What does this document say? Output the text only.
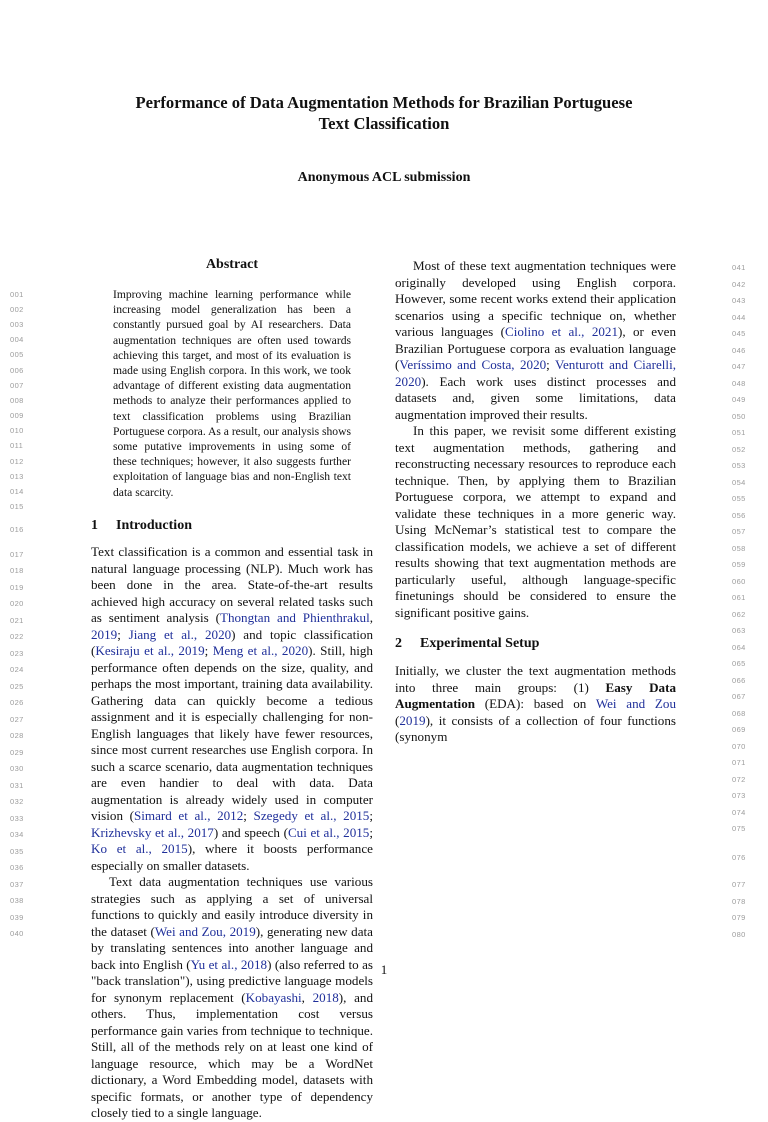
Performance of Data Augmentation Methods for Brazilian Portuguese
Text Classification
Anonymous ACL submission
001
002
003
004
005
006
007
008
009
010
011
012
013
014
015
016
017
018
019
020
021
022
023
024
025
026
027
028
029
030
031
032
033
034
035
036
037
038
039
040
041
042
043
044
045
046
047
048
049
050
051
052
053
054
055
056
057
058
059
060
061
062
063
064
065
066
067
068
069
070
071
072
073
074
075
076
077
078
079
080
Abstract
Improving machine learning performance while increasing model generalization has been a constantly pursued goal by AI researchers. Data augmentation techniques are often used towards achieving this target, and most of its evaluation is made using English corpora. In this work, we took advantage of different existing data augmentation methods to analyze their performances applied to text classification problems using Brazilian Portuguese corpora. As a result, our analysis shows some putative improvements in using some of these techniques; however, it also suggests further exploitation of language bias and non-English text data scarcity.
1 Introduction

Text classification is a common and essential task in natural language processing (NLP). Much work has been done in the area. State-of-the-art results achieved high accuracy on several related tasks such as sentiment analysis (Thongtan and Phienthrakul, 2019; Jiang et al., 2020) and topic classification (Kesiraju et al., 2019; Meng et al., 2020). Still, high performance often depends on the size, quality, and perhaps the most important, training data availability. Gathering data can quickly become a tedious assignment and it is especially challenging for non-English languages that likely have fewer resources, since most current researches use English corpora. In such a scarce scenario, data augmentation techniques are even handier to deal with data. Data augmentation is already widely used in computer vision (Simard et al., 2012; Szegedy et al., 2015; Krizhevsky et al., 2017) and speech (Cui et al., 2015; Ko et al., 2015), where it boosts performance especially on smaller datasets.

Text data augmentation techniques use various strategies such as applying a set of universal functions to quickly and easily introduce diversity in the dataset (Wei and Zou, 2019), generating new data by translating sentences into another language and back into English (Yu et al., 2018) (also referred to as "back translation"), using predictive language models for synonym replacement (Kobayashi, 2018), and others. Thus, implementation cost versus performance gain varies from technique to technique. Still, all of the methods rely on at least one kind of language resource, which may be a WordNet dictionary, a Word Embedding model, datasets with specific formats, or another type of dependency closely tied to a single language.

Most of these text augmentation techniques were originally developed using English corpora. However, some recent works extend their application scenarios using a specific technique on, whether various languages (Ciolino et al., 2021), or even Brazilian Portuguese corpora as evaluation language (Veríssimo and Costa, 2020; Venturott and Ciarelli, 2020). Each work uses distinct processes and datasets and, given some limitations, data augmentation improved their results.

In this paper, we revisit some different existing text augmentation methods, gathering and reconstructing necessary resources to reproduce each technique. Then, by applying them to Brazilian Portuguese corpora, we attempt to expand and validate these techniques in a more generic way. Using McNemar’s statistical test to compare the classification models, we achieve a set of different results showing that text augmentation methods are particularly useful, although language-specific finetunings should be considered to ensure the significant positive gains.

2 Experimental Setup

Initially, we cluster the text augmentation methods into three main groups: (1) Easy Data Augmentation (EDA): based on Wei and Zou (2019), it consists of a collection of four functions (synonym

1
